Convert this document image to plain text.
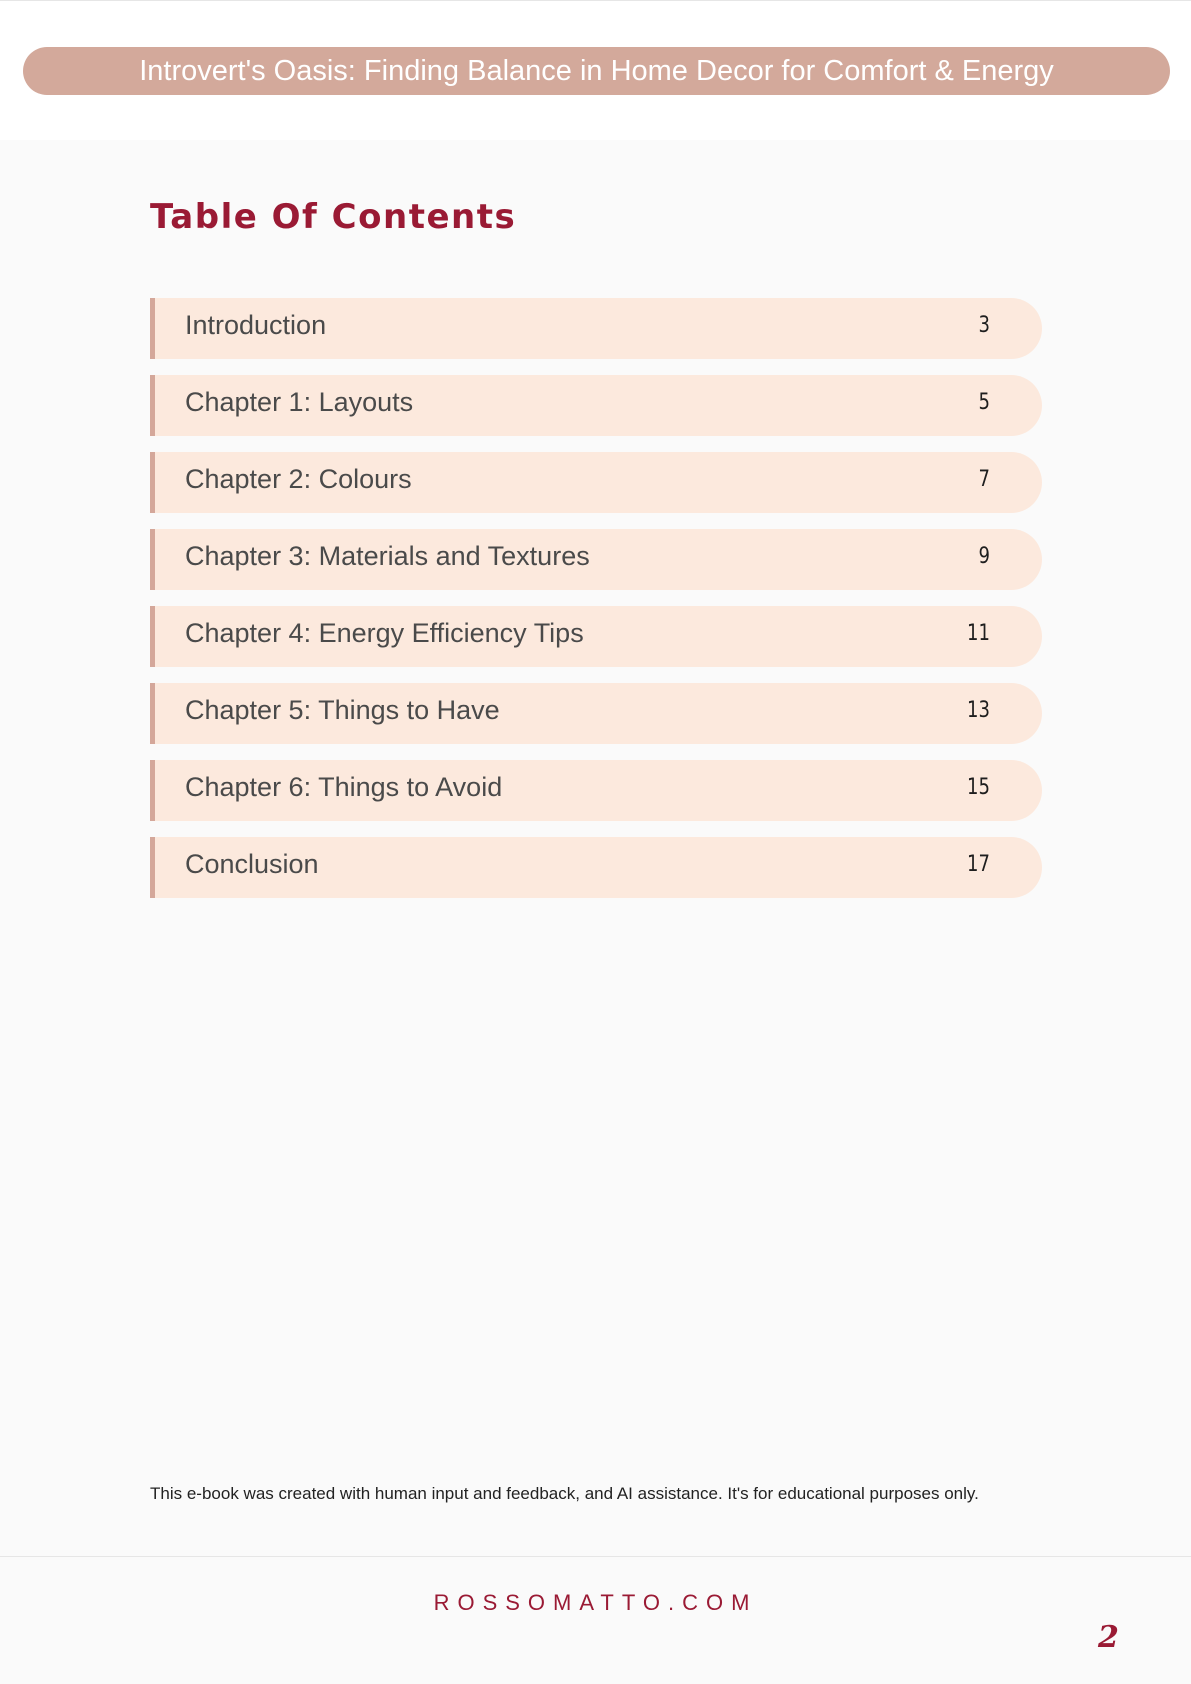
Introvert's Oasis: Finding Balance in Home Decor for Comfort & Energy
Table Of Contents
Introduction	3
Chapter 1: Layouts	5
Chapter 2: Colours	7
Chapter 3: Materials and Textures	9
Chapter 4: Energy Efficiency Tips	11
Chapter 5: Things to Have	13
Chapter 6: Things to Avoid	15
Conclusion	17

This e-book was created with human input and feedback, and AI assistance. It's for educational purposes only.

ROSSOMATTO.COM
2
